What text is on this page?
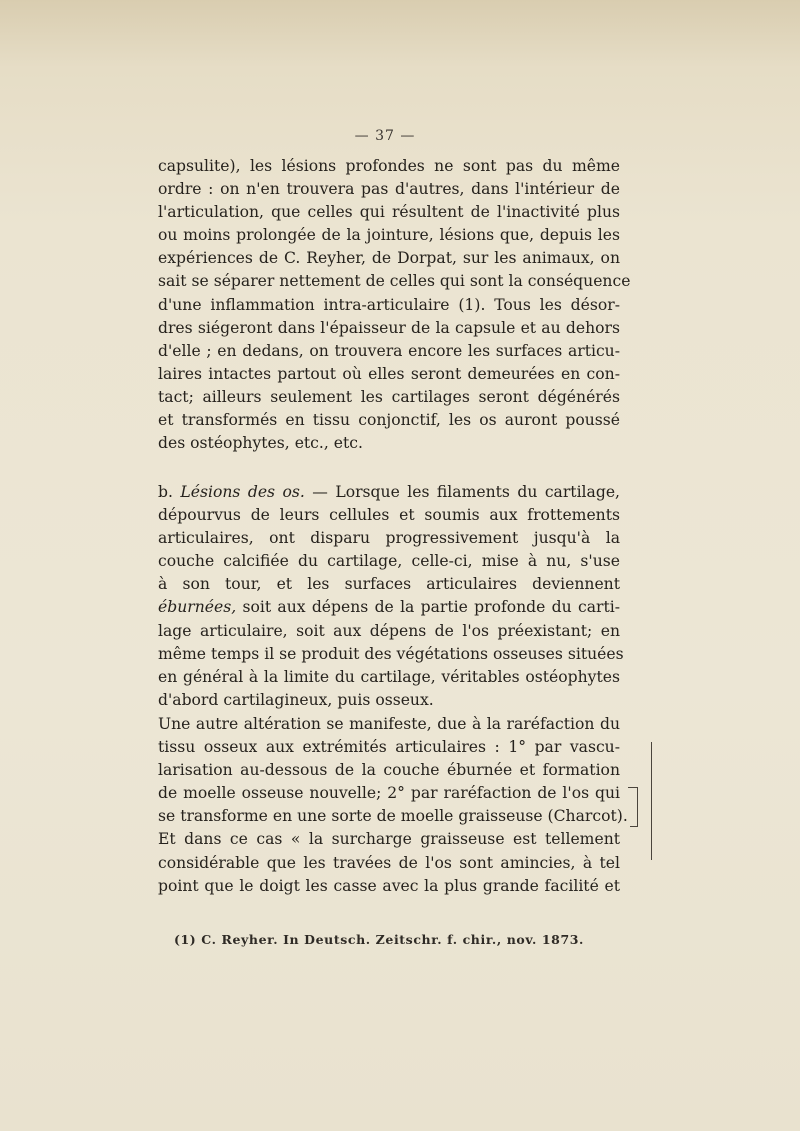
— 37 —
capsulite), les lésions profondes ne sont pas du même
ordre : on n'en trouvera pas d'autres, dans l'intérieur de
l'articulation, que celles qui résultent de l'inactivité plus
ou moins prolongée de la jointure, lésions que, depuis les
expériences de C. Reyher, de Dorpat, sur les animaux, on
sait se séparer nettement de celles qui sont la conséquence
d'une inflammation intra-articulaire (1). Tous les désor-
dres siégeront dans l'épaisseur de la capsule et au dehors
d'elle ; en dedans, on trouvera encore les surfaces articu-
laires intactes partout où elles seront demeurées en con-
tact; ailleurs seulement les cartilages seront dégénérés
et transformés en tissu conjonctif, les os auront poussé
des ostéophytes, etc., etc.
b. Lésions des os. — Lorsque les filaments du cartilage,
dépourvus de leurs cellules et soumis aux frottements
articulaires, ont disparu progressivement jusqu'à la
couche calcifiée du cartilage, celle-ci, mise à nu, s'use
à son tour, et les surfaces articulaires deviennent
éburnées, soit aux dépens de la partie profonde du carti-
lage articulaire, soit aux dépens de l'os préexistant; en
même temps il se produit des végétations osseuses situées
en général à la limite du cartilage, véritables ostéophytes
d'abord cartilagineux, puis osseux.
Une autre altération se manifeste, due à la raréfaction du
tissu osseux aux extrémités articulaires : 1° par vascu-
larisation au-dessous de la couche éburnée et formation
de moelle osseuse nouvelle; 2° par raréfaction de l'os qui
se transforme en une sorte de moelle graisseuse (Charcot).
Et dans ce cas « la surcharge graisseuse est tellement
considérable que les travées de l'os sont amincies, à tel
point que le doigt les casse avec la plus grande facilité et
(1) C. Reyher. In Deutsch. Zeitschr. f. chir., nov. 1873.
